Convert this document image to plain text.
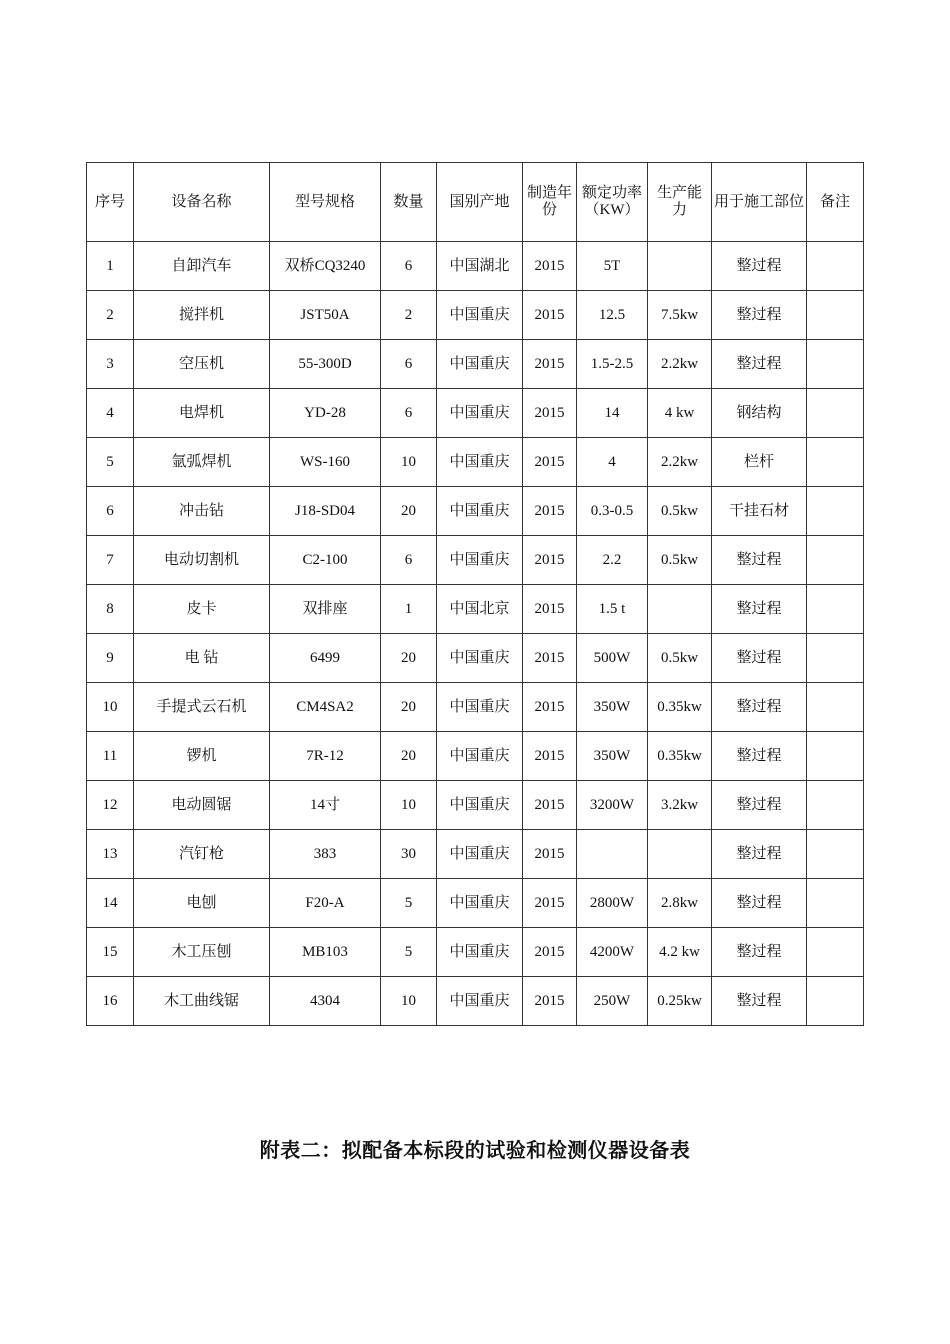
序号	设备名称	型号规格	数量	国别产地	制造年份	额定功率（KW）	生产能力	用于施工部位	备注
1	自卸汽车	双桥CQ3240	6	中国湖北	2015	5T		整过程	
2	搅拌机	JST50A	2	中国重庆	2015	12.5	7.5kw	整过程	
3	空压机	55-300D	6	中国重庆	2015	1.5-2.5	2.2kw	整过程	
4	电焊机	YD-28	6	中国重庆	2015	14	4 kw	钢结构	
5	氩弧焊机	WS-160	10	中国重庆	2015	4	2.2kw	栏杆	
6	冲击钻	J18-SD04	20	中国重庆	2015	0.3-0.5	0.5kw	干挂石材	
7	电动切割机	C2-100	6	中国重庆	2015	2.2	0.5kw	整过程	
8	皮卡	双排座	1	中国北京	2015	1.5 t		整过程	
9	电 钻	6499	20	中国重庆	2015	500W	0.5kw	整过程	
10	手提式云石机	CM4SA2	20	中国重庆	2015	350W	0.35kw	整过程	
11	锣机	7R-12	20	中国重庆	2015	350W	0.35kw	整过程	
12	电动圆锯	14寸	10	中国重庆	2015	3200W	3.2kw	整过程	
13	汽钉枪	383	30	中国重庆	2015			整过程	
14	电刨	F20-A	5	中国重庆	2015	2800W	2.8kw	整过程	
15	木工压刨	MB103	5	中国重庆	2015	4200W	4.2 kw	整过程	
16	木工曲线锯	4304	10	中国重庆	2015	250W	0.25kw	整过程	
附表二：拟配备本标段的试验和检测仪器设备表
